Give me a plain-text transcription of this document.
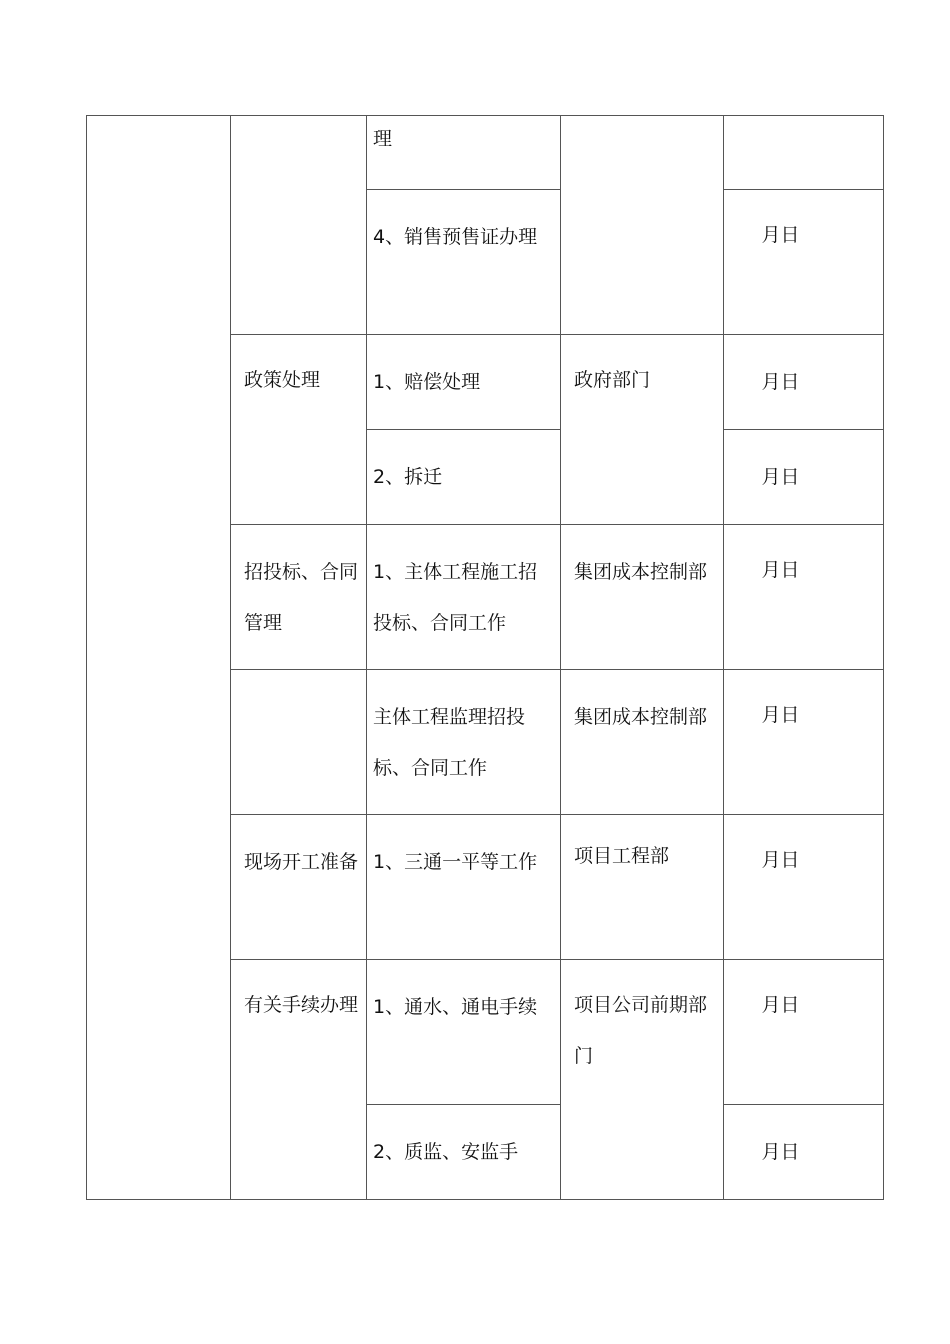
		理		

		4、销售预售证办理		月日

	政策处理	1、赔偿处理	政府部门	月日

		2、拆迁		月日

	招投标、合同管理	1、主体工程施工招投标、合同工作	集团成本控制部	月日

		主体工程监理招投标、合同工作	集团成本控制部	月日

	现场开工准备	1、三通一平等工作	项目工程部	月日

	有关手续办理	1、通水、通电手续	项目公司前期部门	月日

		2、质监、安监手		月日
